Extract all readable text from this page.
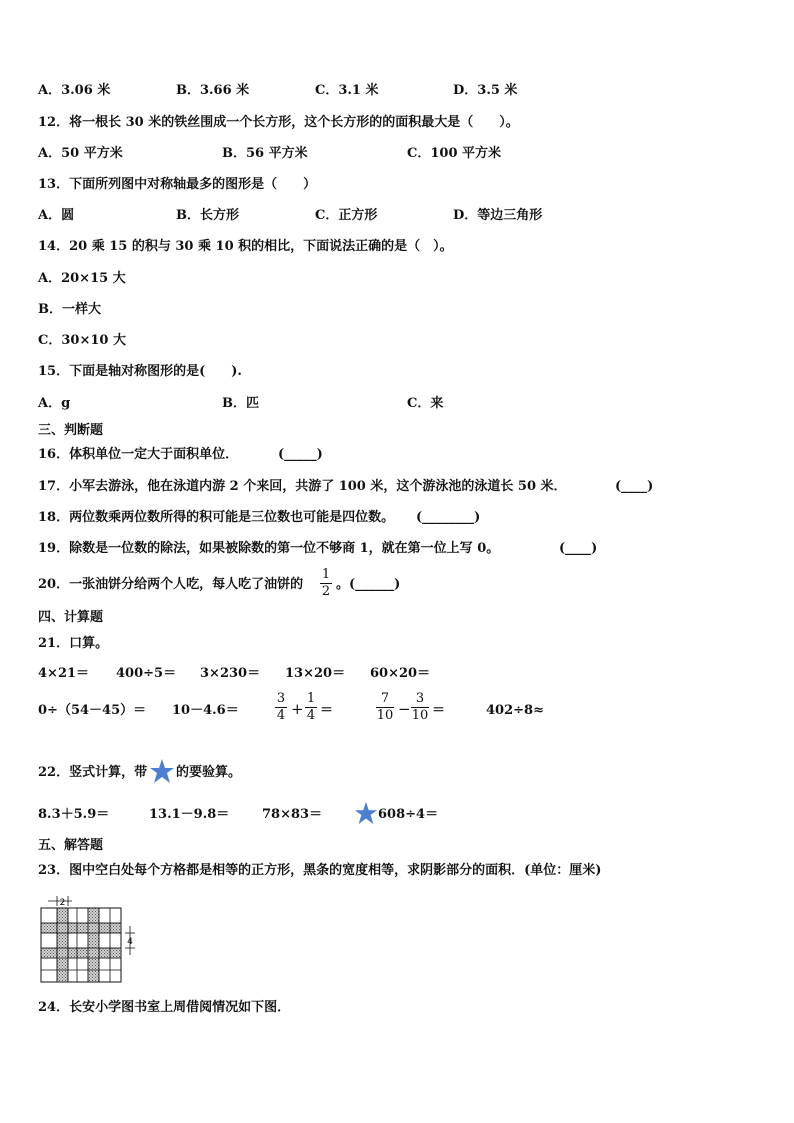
A．3.06 米	B．3.66 米	C．3.1 米	D．3.5 米
12．将一根长 30 米的铁丝围成一个长方形，这个长方形的的面积最大是（　　）。
A．50 平方米	B．56 平方米	C．100 平方米
13．下面所列图中对称轴最多的图形是（　　）
A．圆	B．长方形	C．正方形	D．等边三角形
14．20 乘 15 的积与 30 乘 10 积的相比，下面说法正确的是（　）。
A．20×15 大
B．一样大
C．30×10 大
15．下面是轴对称图形的是(　　).
A．g	B．匹	C．来
三、判断题
16．体积单位一定大于面积单位．	(_____)
17．小军去游泳，他在泳道内游 2 个来回，共游了 100 米，这个游泳池的泳道长 50 米．	(____)
18．两位数乘两位数所得的积可能是三位数也可能是四位数。 (________)
19．除数是一位数的除法，如果被除数的第一位不够商 1，就在第一位上写 0。	(____)
20．一张油饼分给两个人吃，每人吃了油饼的
1
2 。(______)
四、计算题
21．口算。
4×21＝ 400÷5＝ 3×230＝ 13×20＝ 60×20＝
0÷（54－45）＝ 10－4.6＝
3
4 +
1
4 ＝
7
10 −
3
10 ＝	402÷8≈
22．竖式计算，带 的要验算。
8.3＋5.9＝	13.1－9.8＝	78×83＝	608÷4＝
五、解答题
23．图中空白处每个方格都是相等的正方形，黑条的宽度相等，求阴影部分的面积．(单位：厘米)
2
4
24．长安小学图书室上周借阅情况如下图．
